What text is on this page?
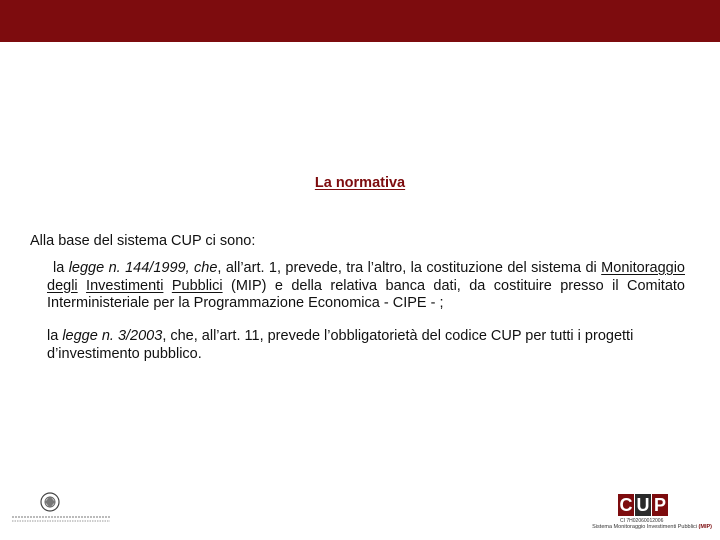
La normativa
Alla base del sistema CUP ci sono:
la legge n. 144/1999, che, all’art. 1, prevede, tra l’altro, la costituzione del sistema di Monitoraggio degli Investimenti Pubblici (MIP) e della relativa banca dati, da costituire presso il Comitato Interministeriale per la Programmazione Economica - CIPE - ;
la legge n. 3/2003, che, all’art. 11, prevede l’obbligatorietà del codice CUP per tutti i progetti d’investimento pubblico.
C U P
CI 7H02060012006
Sistema Monitoraggio Investimenti Pubblici (MIP)
